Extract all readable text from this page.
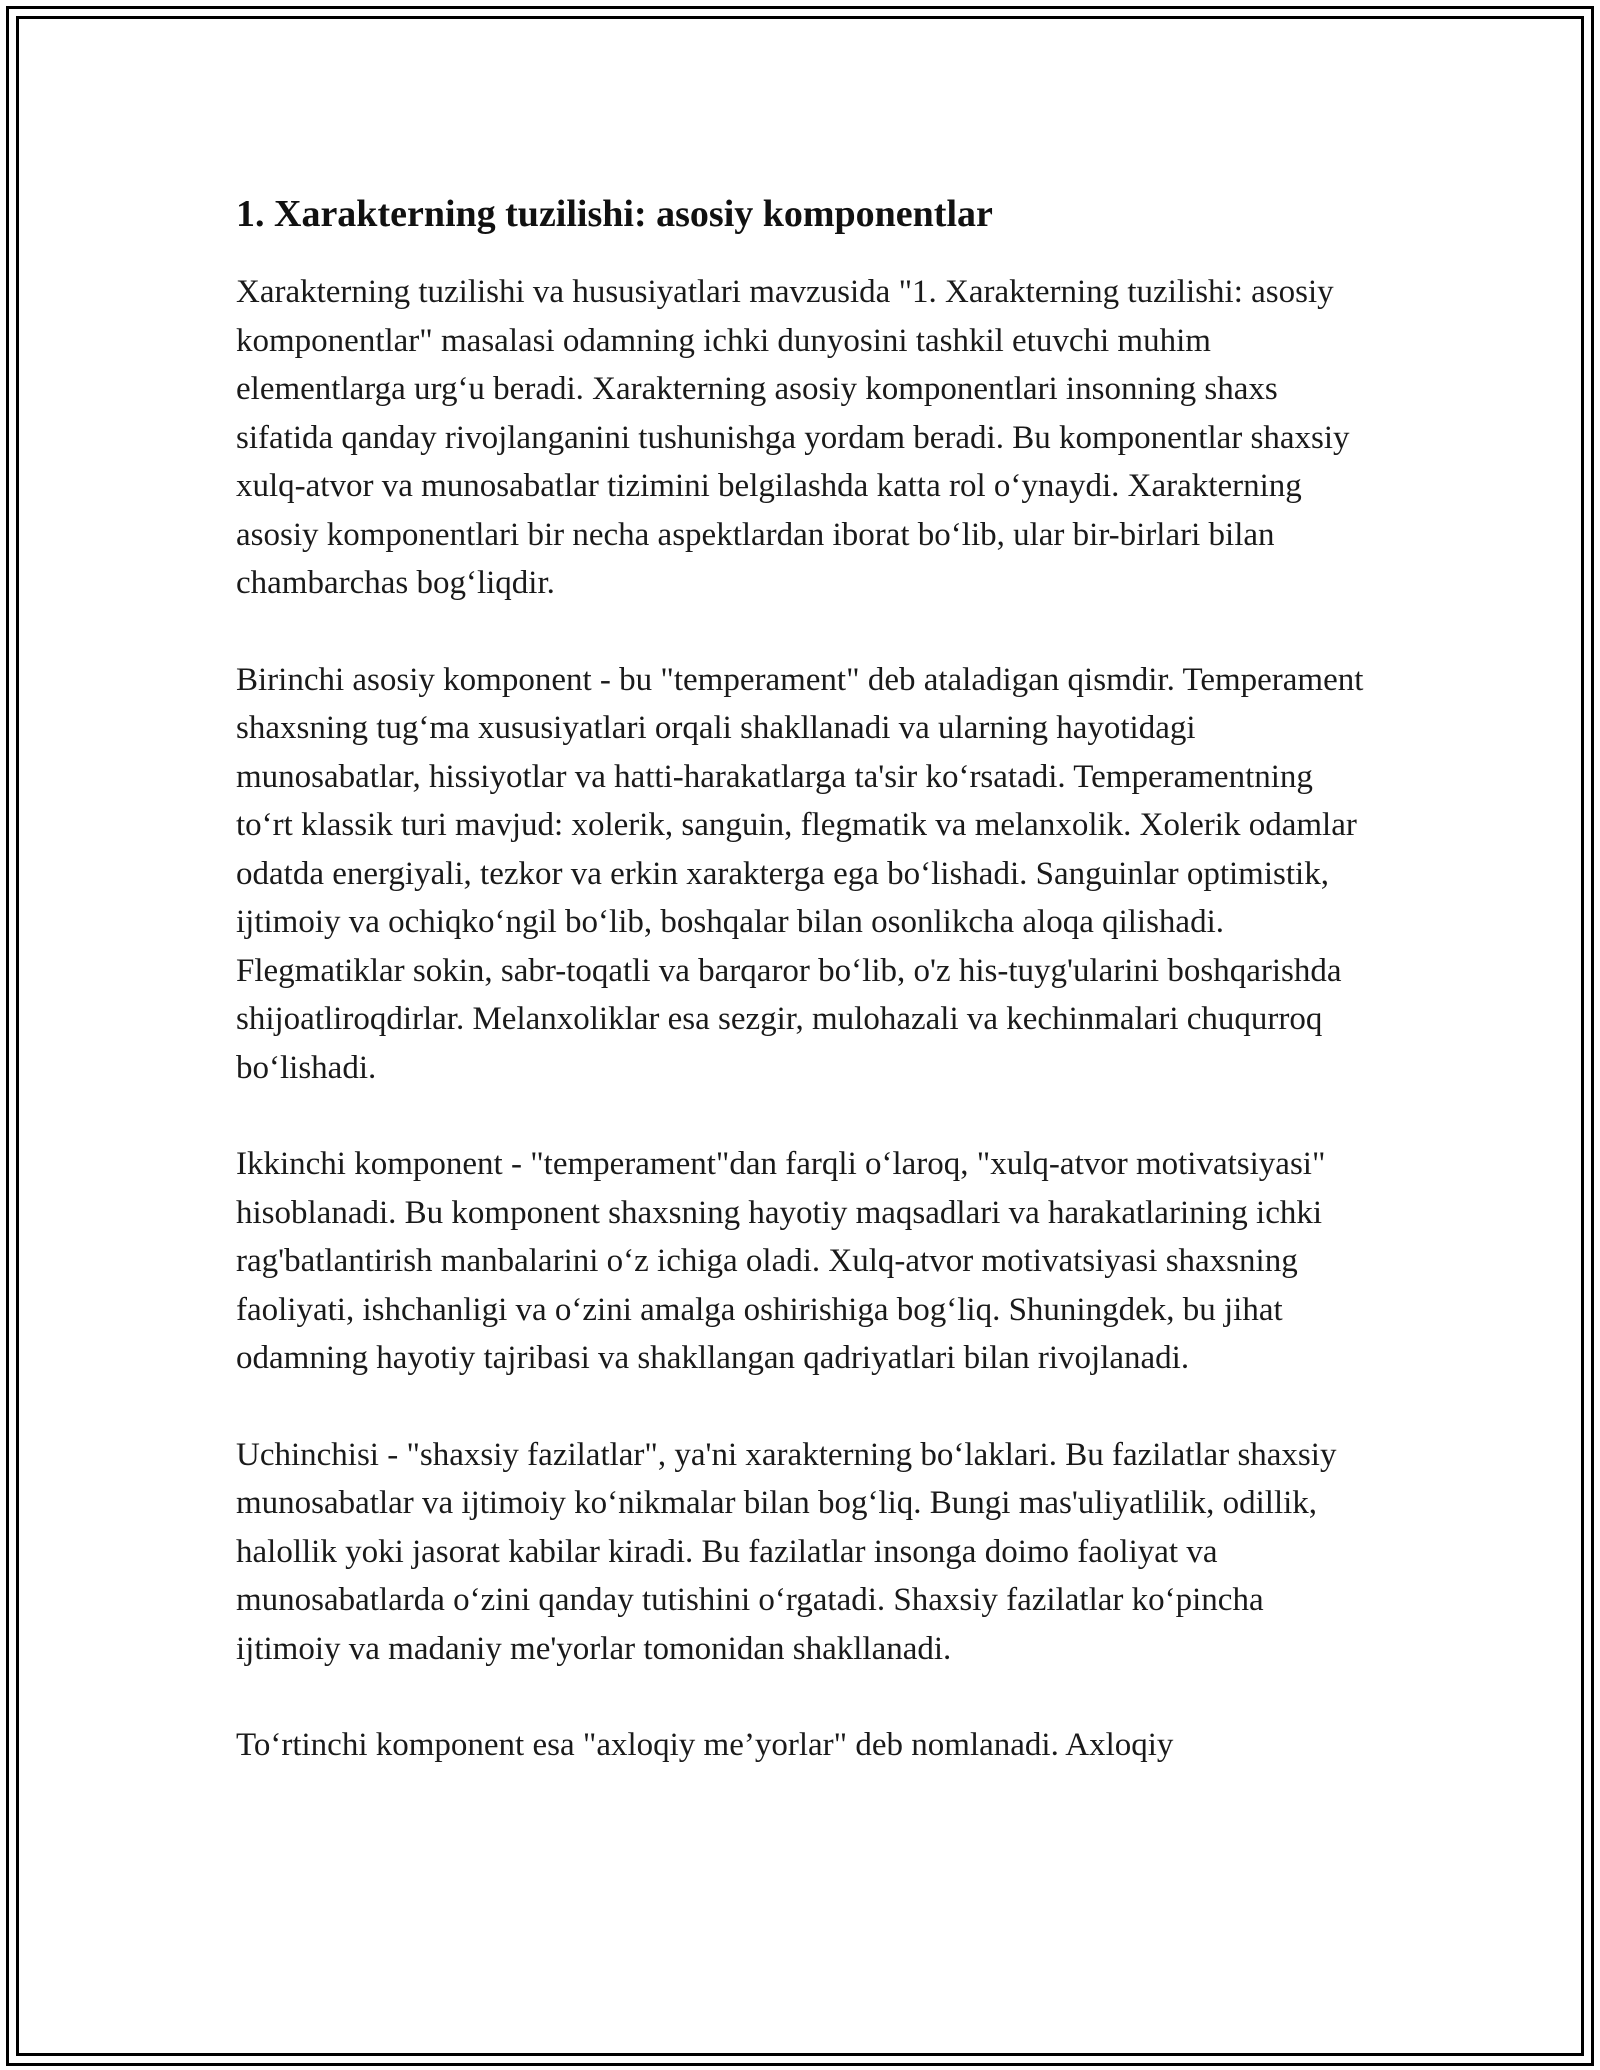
1. Xarakterning tuzilishi: asosiy komponentlar

Xarakterning tuzilishi va hususiyatlari mavzusida "1. Xarakterning tuzilishi: asosiy komponentlar" masalasi odamning ichki dunyosini tashkil etuvchi muhim elementlarga urg‘u beradi. Xarakterning asosiy komponentlari insonning shaxs sifatida qanday rivojlanganini tushunishga yordam beradi. Bu komponentlar shaxsiy xulq-atvor va munosabatlar tizimini belgilashda katta rol o‘ynaydi. Xarakterning asosiy komponentlari bir necha aspektlardan iborat bo‘lib, ular bir-birlari bilan chambarchas bog‘liqdir.

Birinchi asosiy komponent - bu "temperament" deb ataladigan qismdir. Temperament shaxsning tug‘ma xususiyatlari orqali shakllanadi va ularning hayotidagi munosabatlar, hissiyotlar va hatti-harakatlarga ta'sir ko‘rsatadi. Temperamentning to‘rt klassik turi mavjud: xolerik, sanguin, flegmatik va melanxolik. Xolerik odamlar odatda energiyali, tezkor va erkin xarakterga ega bo‘lishadi. Sanguinlar optimistik, ijtimoiy va ochiqko‘ngil bo‘lib, boshqalar bilan osonlikcha aloqa qilishadi. Flegmatiklar sokin, sabr-toqatli va barqaror bo‘lib, o'z his-tuyg'ularini boshqarishda shijoatliroqdirlar. Melanxoliklar esa sezgir, mulohazali va kechinmalari chuqurroq bo‘lishadi.

Ikkinchi komponent - "temperament"dan farqli o‘laroq, "xulq-atvor motivatsiyasi" hisoblanadi. Bu komponent shaxsning hayotiy maqsadlari va harakatlarining ichki rag'batlantirish manbalarini o‘z ichiga oladi. Xulq-atvor motivatsiyasi shaxsning faoliyati, ishchanligi va o‘zini amalga oshirishiga bog‘liq. Shuningdek, bu jihat odamning hayotiy tajribasi va shakllangan qadriyatlari bilan rivojlanadi.

Uchinchisi - "shaxsiy fazilatlar", ya'ni xarakterning bo‘laklari. Bu fazilatlar shaxsiy munosabatlar va ijtimoiy ko‘nikmalar bilan bog‘liq. Bungi mas'uliyatlilik, odillik, halollik yoki jasorat kabilar kiradi. Bu fazilatlar insonga doimo faoliyat va munosabatlarda o‘zini qanday tutishini o‘rgatadi. Shaxsiy fazilatlar ko‘pincha ijtimoiy va madaniy me'yorlar tomonidan shakllanadi.

To‘rtinchi komponent esa "axloqiy me’yorlar" deb nomlanadi. Axloqiy
